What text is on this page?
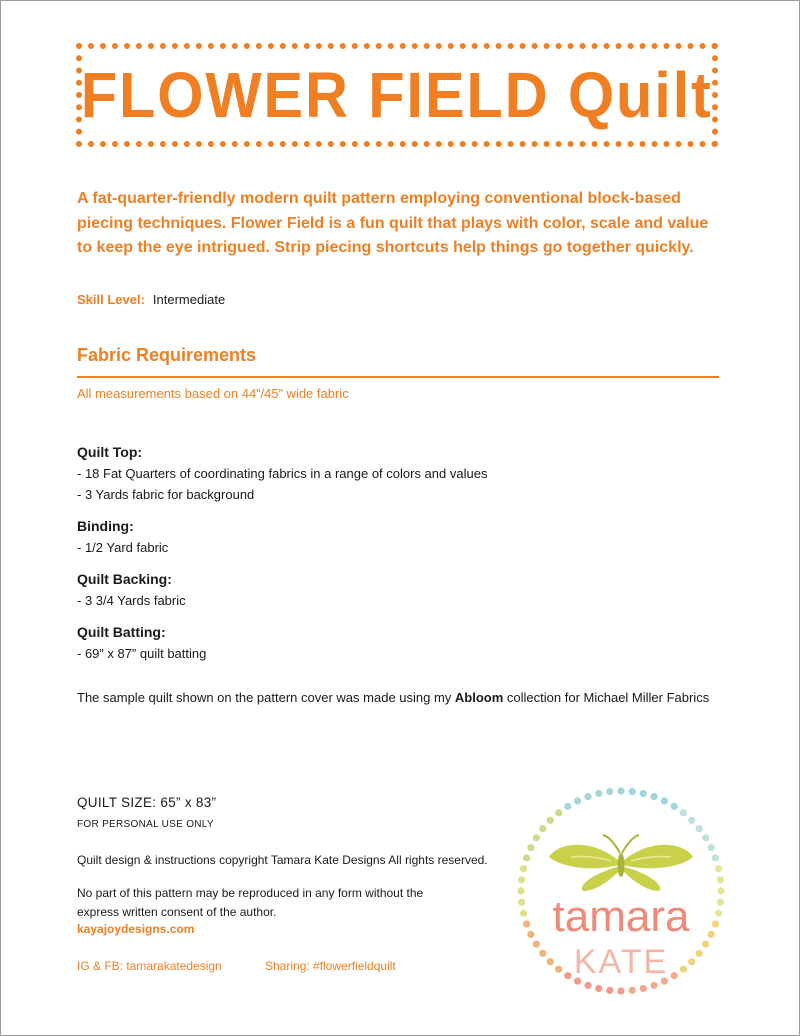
FLOWER FIELD Quilt
A fat-quarter-friendly modern quilt pattern employing conventional block-based piecing techniques. Flower Field is a fun quilt that plays with color, scale and value to keep the eye intrigued. Strip piecing shortcuts help things go together quickly.
Skill Level: Intermediate
Fabric Requirements
All measurements based on 44”/45” wide fabric
Quilt Top:
- 18 Fat Quarters of coordinating fabrics in a range of colors and values
- 3 Yards fabric for background
Binding:
- 1/2 Yard fabric
Quilt Backing:
- 3 3/4 Yards fabric
Quilt Batting:
- 69” x 87” quilt batting
The sample quilt shown on the pattern cover was made using my Abloom collection for Michael Miller Fabrics
QUILT SIZE: 65” x 83”
FOR PERSONAL USE ONLY
Quilt design & instructions copyright Tamara Kate Designs All rights reserved.
No part of this pattern may be reproduced in any form without the express written consent of the author.
kayajoydesigns.com
IG & FB: tamarakatedesign	Sharing: #flowerfieldquilt
tamara
KATE
